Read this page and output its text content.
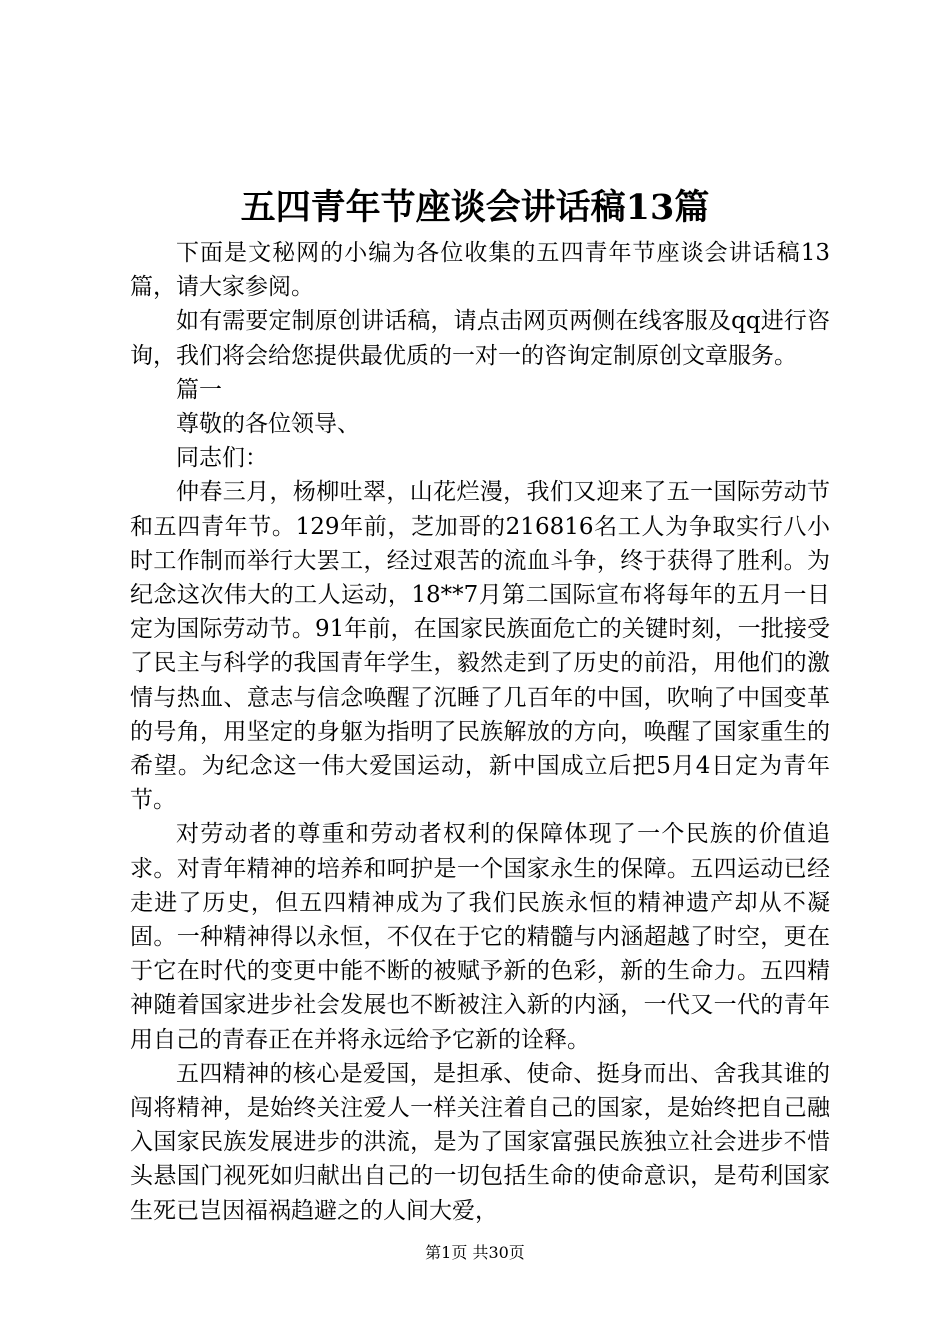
五四青年节座谈会讲话稿13篇

下面是文秘网的小编为各位收集的五四青年节座谈会讲话稿13篇，请大家参阅。

如有需要定制原创讲话稿，请点击网页两侧在线客服及qq进行咨询，我们将会给您提供最优质的一对一的咨询定制原创文章服务。

篇一

尊敬的各位领导、

同志们：

仲春三月，杨柳吐翠，山花烂漫，我们又迎来了五一国际劳动节和五四青年节。129年前，芝加哥的216816名工人为争取实行八小时工作制而举行大罢工，经过艰苦的流血斗争，终于获得了胜利。为纪念这次伟大的工人运动，18**7月第二国际宣布将每年的五月一日定为国际劳动节。91年前，在国家民族面危亡的关键时刻，一批接受了民主与科学的我国青年学生，毅然走到了历史的前沿，用他们的激情与热血、意志与信念唤醒了沉睡了几百年的中国，吹响了中国变革的号角，用坚定的身躯为指明了民族解放的方向，唤醒了国家重生的希望。为纪念这一伟大爱国运动，新中国成立后把5月4日定为青年节。

对劳动者的尊重和劳动者权利的保障体现了一个民族的价值追求。对青年精神的培养和呵护是一个国家永生的保障。五四运动已经走进了历史，但五四精神成为了我们民族永恒的精神遗产却从不凝固。一种精神得以永恒，不仅在于它的精髓与内涵超越了时空，更在于它在时代的变更中能不断的被赋予新的色彩，新的生命力。五四精神随着国家进步社会发展也不断被注入新的内涵，一代又一代的青年用自己的青春正在并将永远给予它新的诠释。

五四精神的核心是爱国，是担承、使命、挺身而出、舍我其谁的闯将精神，是始终关注爱人一样关注着自己的国家，是始终把自己融入国家民族发展进步的洪流，是为了国家富强民族独立社会进步不惜头悬国门视死如归献出自己的一切包括生命的使命意识，是苟利国家生死已岂因福祸趋避之的人间大爱，

第1页 共30页
